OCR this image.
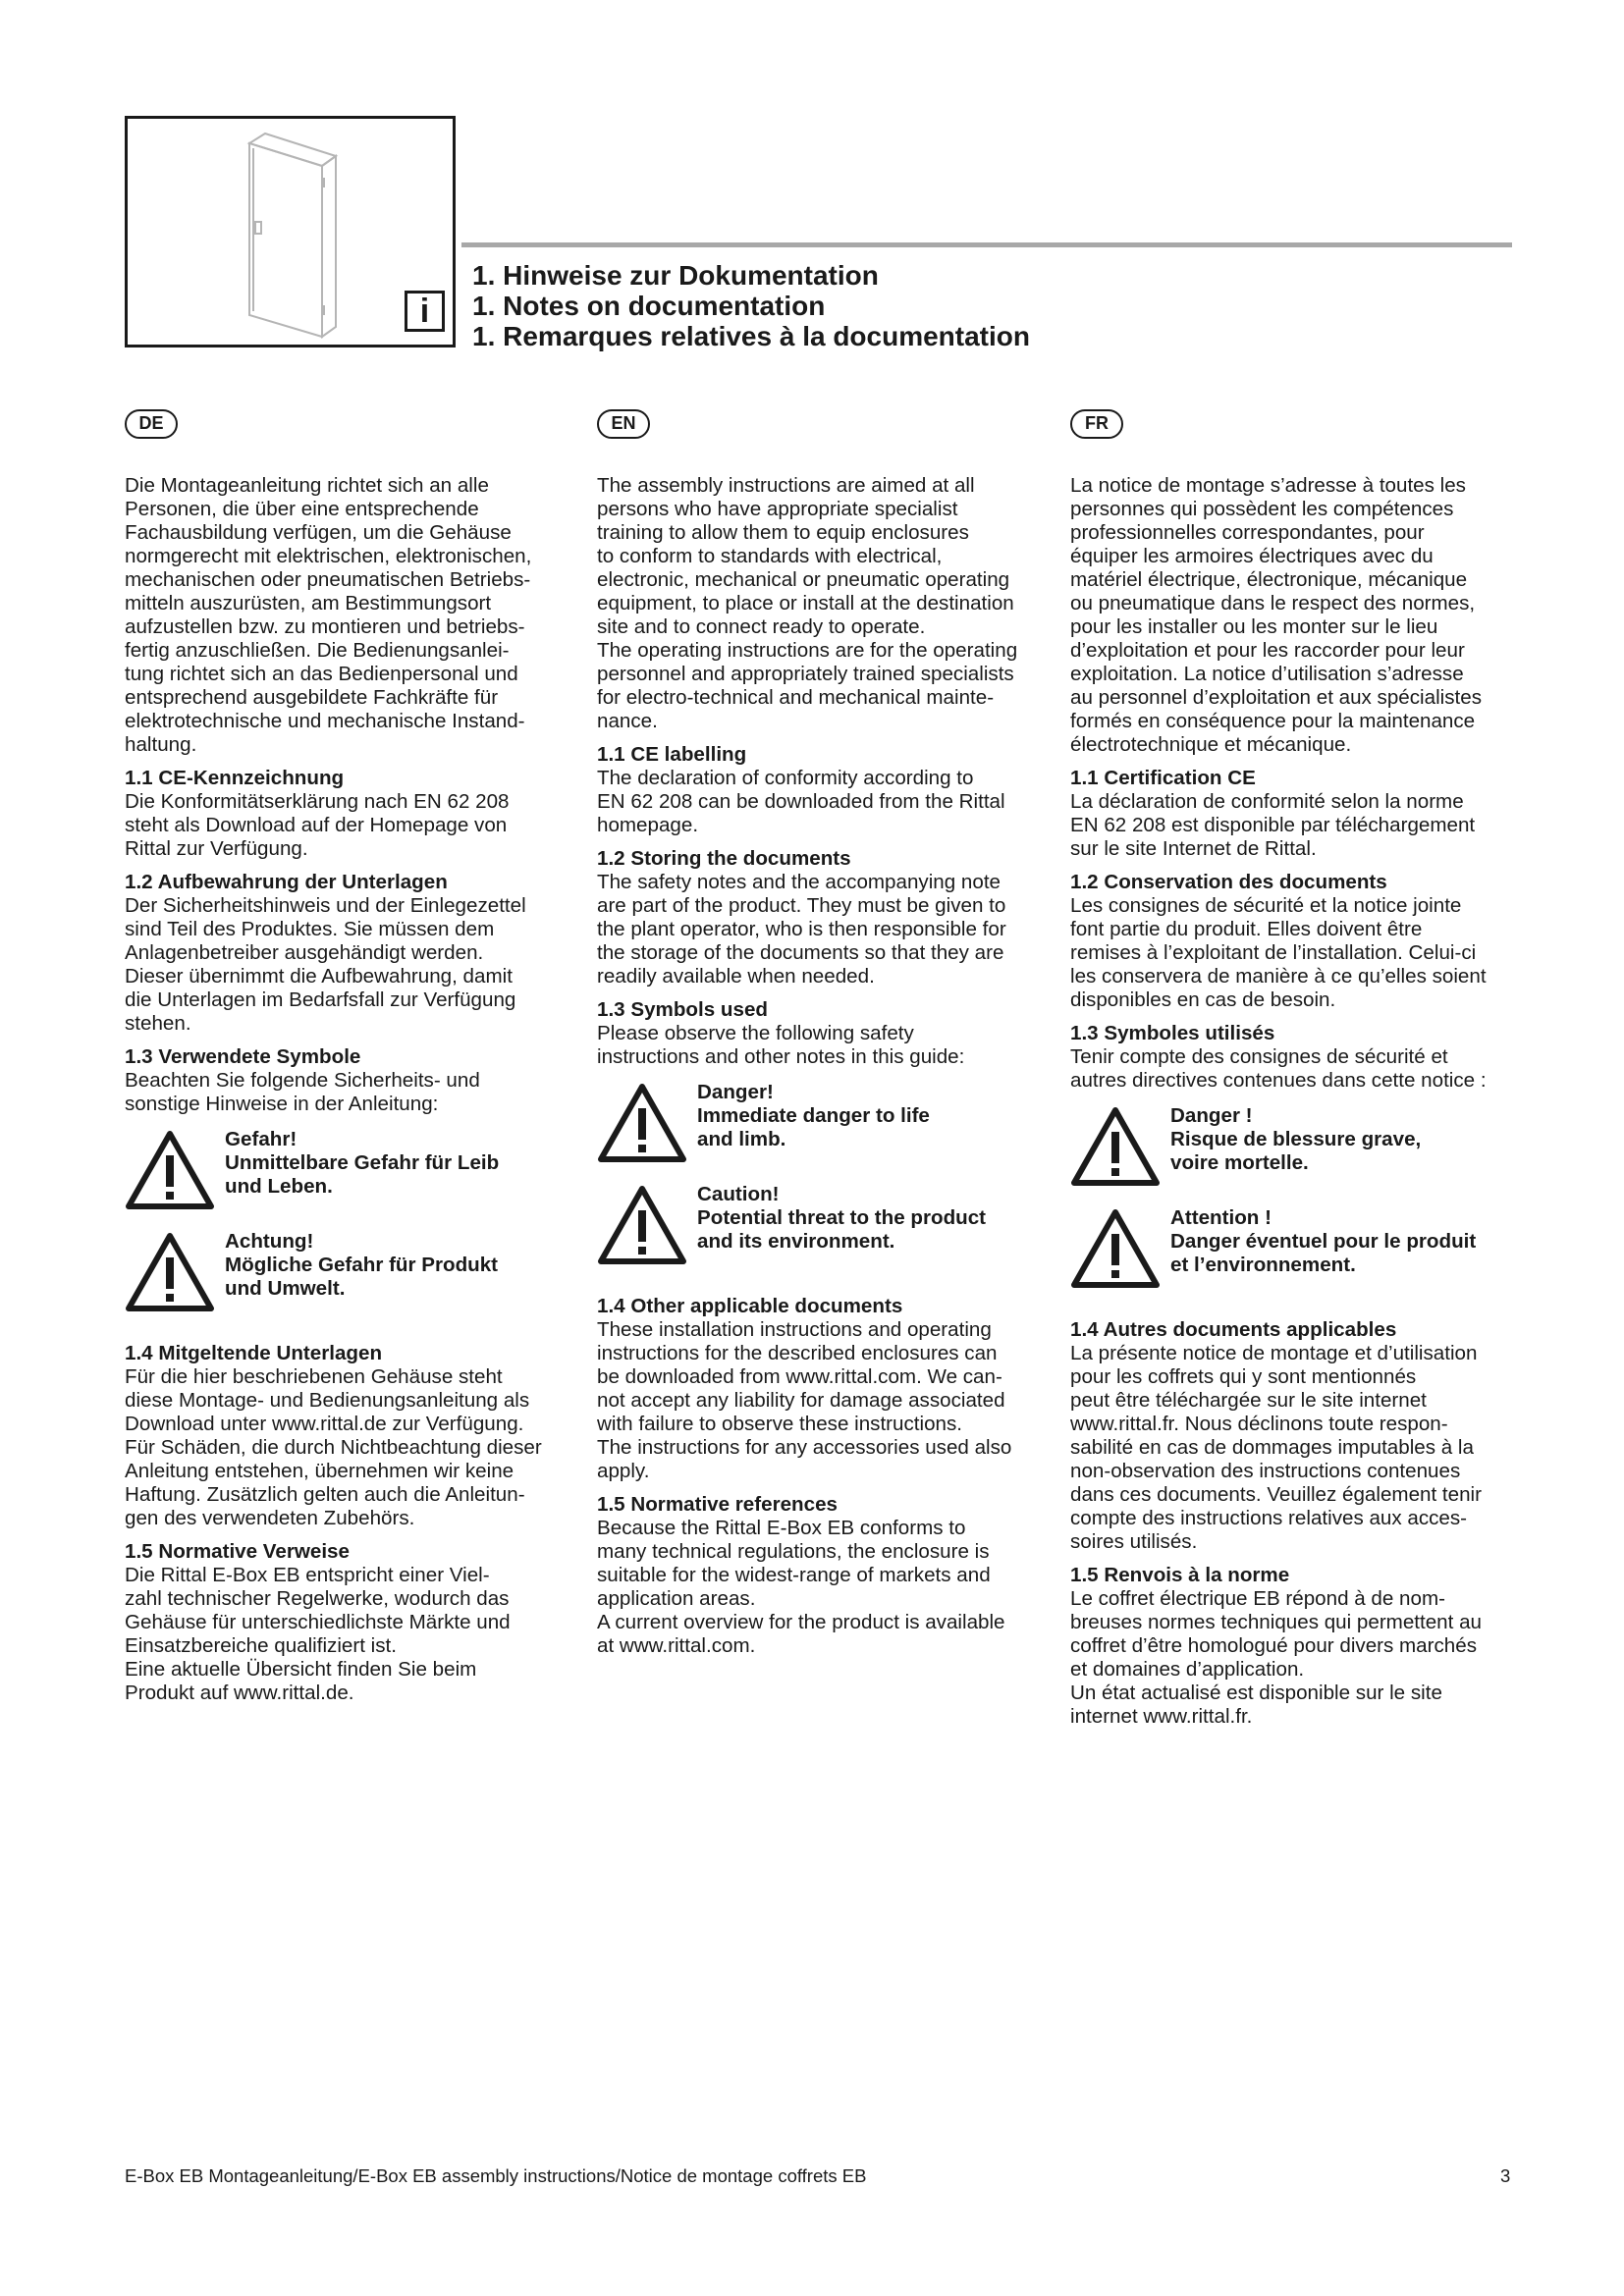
i
1. Hinweise zur Dokumentation
1. Notes on documentation
1. Remarques relatives à la documentation
DE

Die Montageanleitung richtet sich an alle
Personen, die über eine entsprechende
Fachausbildung verfügen, um die Gehäuse
normgerecht mit elektrischen, elektronischen,
mechanischen oder pneumatischen Betriebs-
mitteln auszurüsten, am Bestimmungsort
aufzustellen bzw. zu montieren und betriebs-
fertig anzuschließen. Die Bedienungsanlei-
tung richtet sich an das Bedienpersonal und
entsprechend ausgebildete Fachkräfte für
elektrotechnische und mechanische Instand-
haltung.

1.1 CE-Kennzeichnung

Die Konformitätserklärung nach EN 62 208
steht als Download auf der Homepage von
Rittal zur Verfügung.

1.2 Aufbewahrung der Unterlagen

Der Sicherheitshinweis und der Einlegezettel
sind Teil des Produktes. Sie müssen dem
Anlagenbetreiber ausgehändigt werden.
Dieser übernimmt die Aufbewahrung, damit
die Unterlagen im Bedarfsfall zur Verfügung
stehen.

1.3 Verwendete Symbole

Beachten Sie folgende Sicherheits- und
sonstige Hinweise in der Anleitung:

Gefahr!
Unmittelbare Gefahr für Leib
und Leben.
Achtung!
Mögliche Gefahr für Produkt
und Umwelt.
1.4 Mitgeltende Unterlagen

Für die hier beschriebenen Gehäuse steht
diese Montage- und Bedienungsanleitung als
Download unter www.rittal.de zur Verfügung.
Für Schäden, die durch Nichtbeachtung dieser
Anleitung entstehen, übernehmen wir keine
Haftung. Zusätzlich gelten auch die Anleitun-
gen des verwendeten Zubehörs.

1.5 Normative Verweise

Die Rittal E-Box EB entspricht einer Viel-
zahl technischer Regelwerke, wodurch das
Gehäuse für unterschiedlichste Märkte und
Einsatzbereiche qualifiziert ist.
Eine aktuelle Übersicht finden Sie beim
Produkt auf www.rittal.de.

EN

The assembly instructions are aimed at all
persons who have appropriate specialist
training to allow them to equip enclosures
to conform to standards with electrical,
electronic, mechanical or pneumatic operating
equipment, to place or install at the destination
site and to connect ready to operate.
The operating instructions are for the operating
personnel and appropriately trained specialists
for electro-technical and mechanical mainte-
nance.

1.1 CE labelling

The declaration of conformity according to
EN 62 208 can be downloaded from the Rittal
homepage.

1.2 Storing the documents

The safety notes and the accompanying note
are part of the product. They must be given to
the plant operator, who is then responsible for
the storage of the documents so that they are
readily available when needed.

1.3 Symbols used

Please observe the following safety
instructions and other notes in this guide:

Danger!
Immediate danger to life
and limb.
Caution!
Potential threat to the product
and its environment.
1.4 Other applicable documents

These installation instructions and operating
instructions for the described enclosures can
be downloaded from www.rittal.com. We can-
not accept any liability for damage associated
with failure to observe these instructions.
The instructions for any accessories used also
apply.

1.5 Normative references

Because the Rittal E-Box EB conforms to
many technical regulations, the enclosure is
suitable for the widest-range of markets and
application areas.
A current overview for the product is available
at www.rittal.com.

FR

La notice de montage s’adresse à toutes les
personnes qui possèdent les compétences
professionnelles correspondantes, pour
équiper les armoires électriques avec du
matériel électrique, électronique, mécanique
ou pneumatique dans le respect des normes,
pour les installer ou les monter sur le lieu
d’exploitation et pour les raccorder pour leur
exploitation. La notice d’utilisation s’adresse
au personnel d’exploitation et aux spécialistes
formés en conséquence pour la maintenance
électrotechnique et mécanique.

1.1 Certification CE

La déclaration de conformité selon la norme
EN 62 208 est disponible par téléchargement
sur le site Internet de Rittal.

1.2 Conservation des documents

Les consignes de sécurité et la notice jointe
font partie du produit. Elles doivent être
remises à l’exploitant de l’installation. Celui-ci
les conservera de manière à ce qu’elles soient
disponibles en cas de besoin.

1.3 Symboles utilisés

Tenir compte des consignes de sécurité et
autres directives contenues dans cette notice :

Danger !
Risque de blessure grave,
voire mortelle.
Attention !
Danger éventuel pour le produit
et l’environnement.
1.4 Autres documents applicables

La présente notice de montage et d’utilisation
pour les coffrets qui y sont mentionnés
peut être téléchargée sur le site internet
www.rittal.fr. Nous déclinons toute respon-
sabilité en cas de dommages imputables à la
non-observation des instructions contenues
dans ces documents. Veuillez également tenir
compte des instructions relatives aux acces-
soires utilisés.

1.5 Renvois à la norme

Le coffret électrique EB répond à de nom-
breuses normes techniques qui permettent au
coffret d’être homologué pour divers marchés
et domaines d’application.
Un état actualisé est disponible sur le site
internet www.rittal.fr.

E-Box EB Montageanleitung/E-Box EB assembly instructions/Notice de montage coffrets EB	3
